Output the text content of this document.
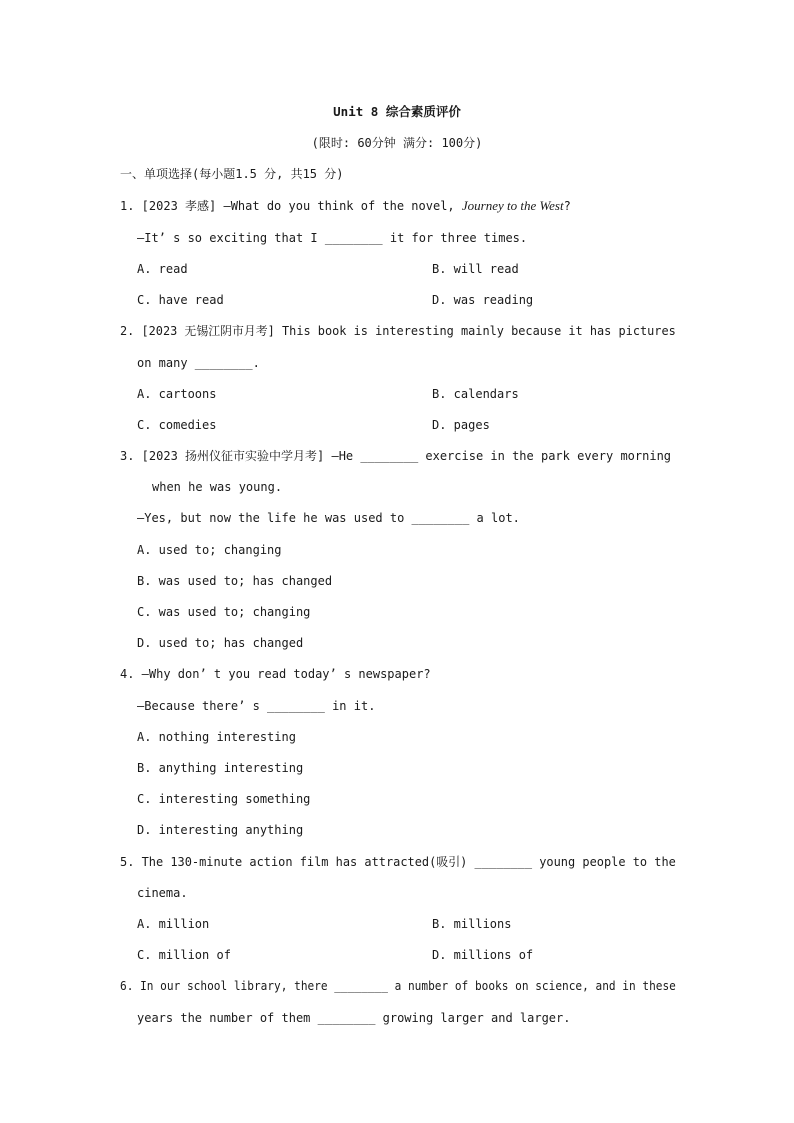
Unit 8 综合素质评价
(限时: 60分钟 满分: 100分)
一、单项选择(每小题1.5 分, 共15 分)
1. [2023 孝感] —What do you think of the novel, Journey to the West?
—It’ s so exciting that I ________ it for three times.
A. read	B. will read
C. have read	D. was reading
2. [2023 无锡江阴市月考] This book is interesting mainly because it has pictures
on many ________.
A. cartoons	B. calendars
C. comedies	D. pages
3. [2023 扬州仪征市实验中学月考] —He ________ exercise in the park every morning
when he was young.
—Yes, but now the life he was used to ________ a lot.
A. used to; changing
B. was used to; has changed
C. was used to; changing
D. used to; has changed
4. —Why don’ t you read today’ s newspaper?
—Because there’ s ________ in it.
A. nothing interesting
B. anything interesting
C. interesting something
D. interesting anything
5. The 130-minute action film has attracted(吸引) ________ young people to the
cinema.
A. million	B. millions
C. million of	D. millions of
6. In our school library, there ________ a number of books on science, and in these
years the number of them ________ growing larger and larger.
